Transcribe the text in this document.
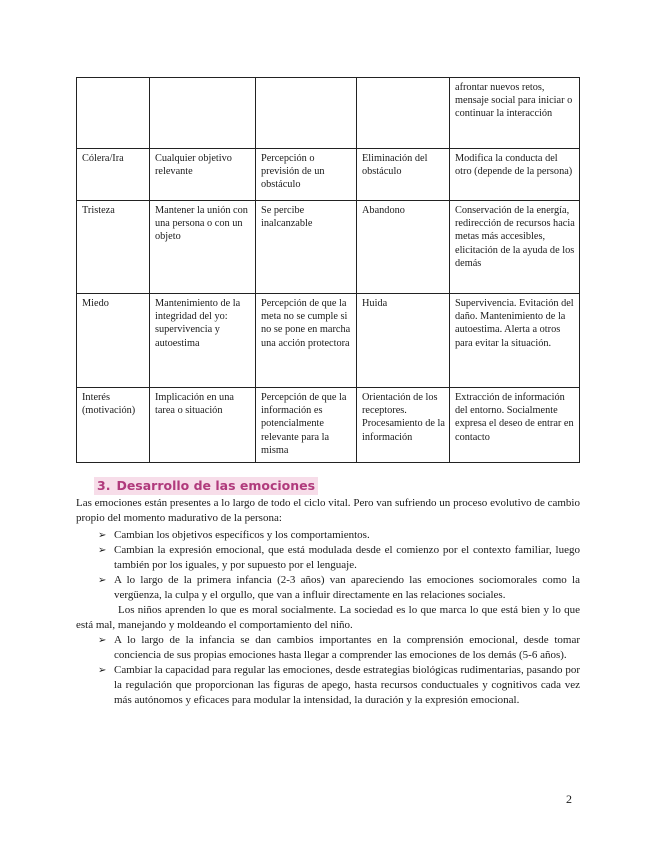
				afrontar nuevos retos, mensaje social para iniciar o continuar la interacción
Cólera/Ira	Cualquier objetivo relevante	Percepción o previsión de un obstáculo	Eliminación del obstáculo	Modifica la conducta del otro (depende de la persona)
Tristeza	Mantener la unión con una persona o con un objeto	Se percibe inalcanzable	Abandono	Conservación de la energía, redirección de recursos hacia metas más accesibles, elicitación de la ayuda de los demás
Miedo	Mantenimiento de la integridad del yo: supervivencia y autoestima	Percepción de que la meta no se cumple si no se pone en marcha una acción protectora	Huida	Supervivencia. Evitación del daño. Mantenimiento de la autoestima. Alerta a otros para evitar la situación.
Interés (motivación)	Implicación en una tarea o situación	Percepción de que la información es potencialmente relevante para la misma	Orientación de los receptores. Procesamiento de la información	Extracción de información del entorno. Socialmente expresa el deseo de entrar en contacto
3. Desarrollo de las emociones
Las emociones están presentes a lo largo de todo el ciclo vital. Pero van sufriendo un proceso evolutivo de cambio propio del momento madurativo de la persona:
➢ Cambian los objetivos específicos y los comportamientos.
➢ Cambian la expresión emocional, que está modulada desde el comienzo por el contexto familiar, luego también por los iguales, y por supuesto por el lenguaje.
➢ A lo largo de la primera infancia (2-3 años) van apareciendo las emociones sociomorales como la vergüenza, la culpa y el orgullo, que van a influir directamente en las relaciones sociales.
Los niños aprenden lo que es moral socialmente. La sociedad es lo que marca lo que está bien y lo que está mal, manejando y moldeando el comportamiento del niño.
➢ A lo largo de la infancia se dan cambios importantes en la comprensión emocional, desde tomar conciencia de sus propias emociones hasta llegar a comprender las emociones de los demás (5-6 años).
➢ Cambiar la capacidad para regular las emociones, desde estrategias biológicas rudimentarias, pasando por la regulación que proporcionan las figuras de apego, hasta recursos conductuales y cognitivos cada vez más autónomos y eficaces para modular la intensidad, la duración y la expresión emocional.
2
